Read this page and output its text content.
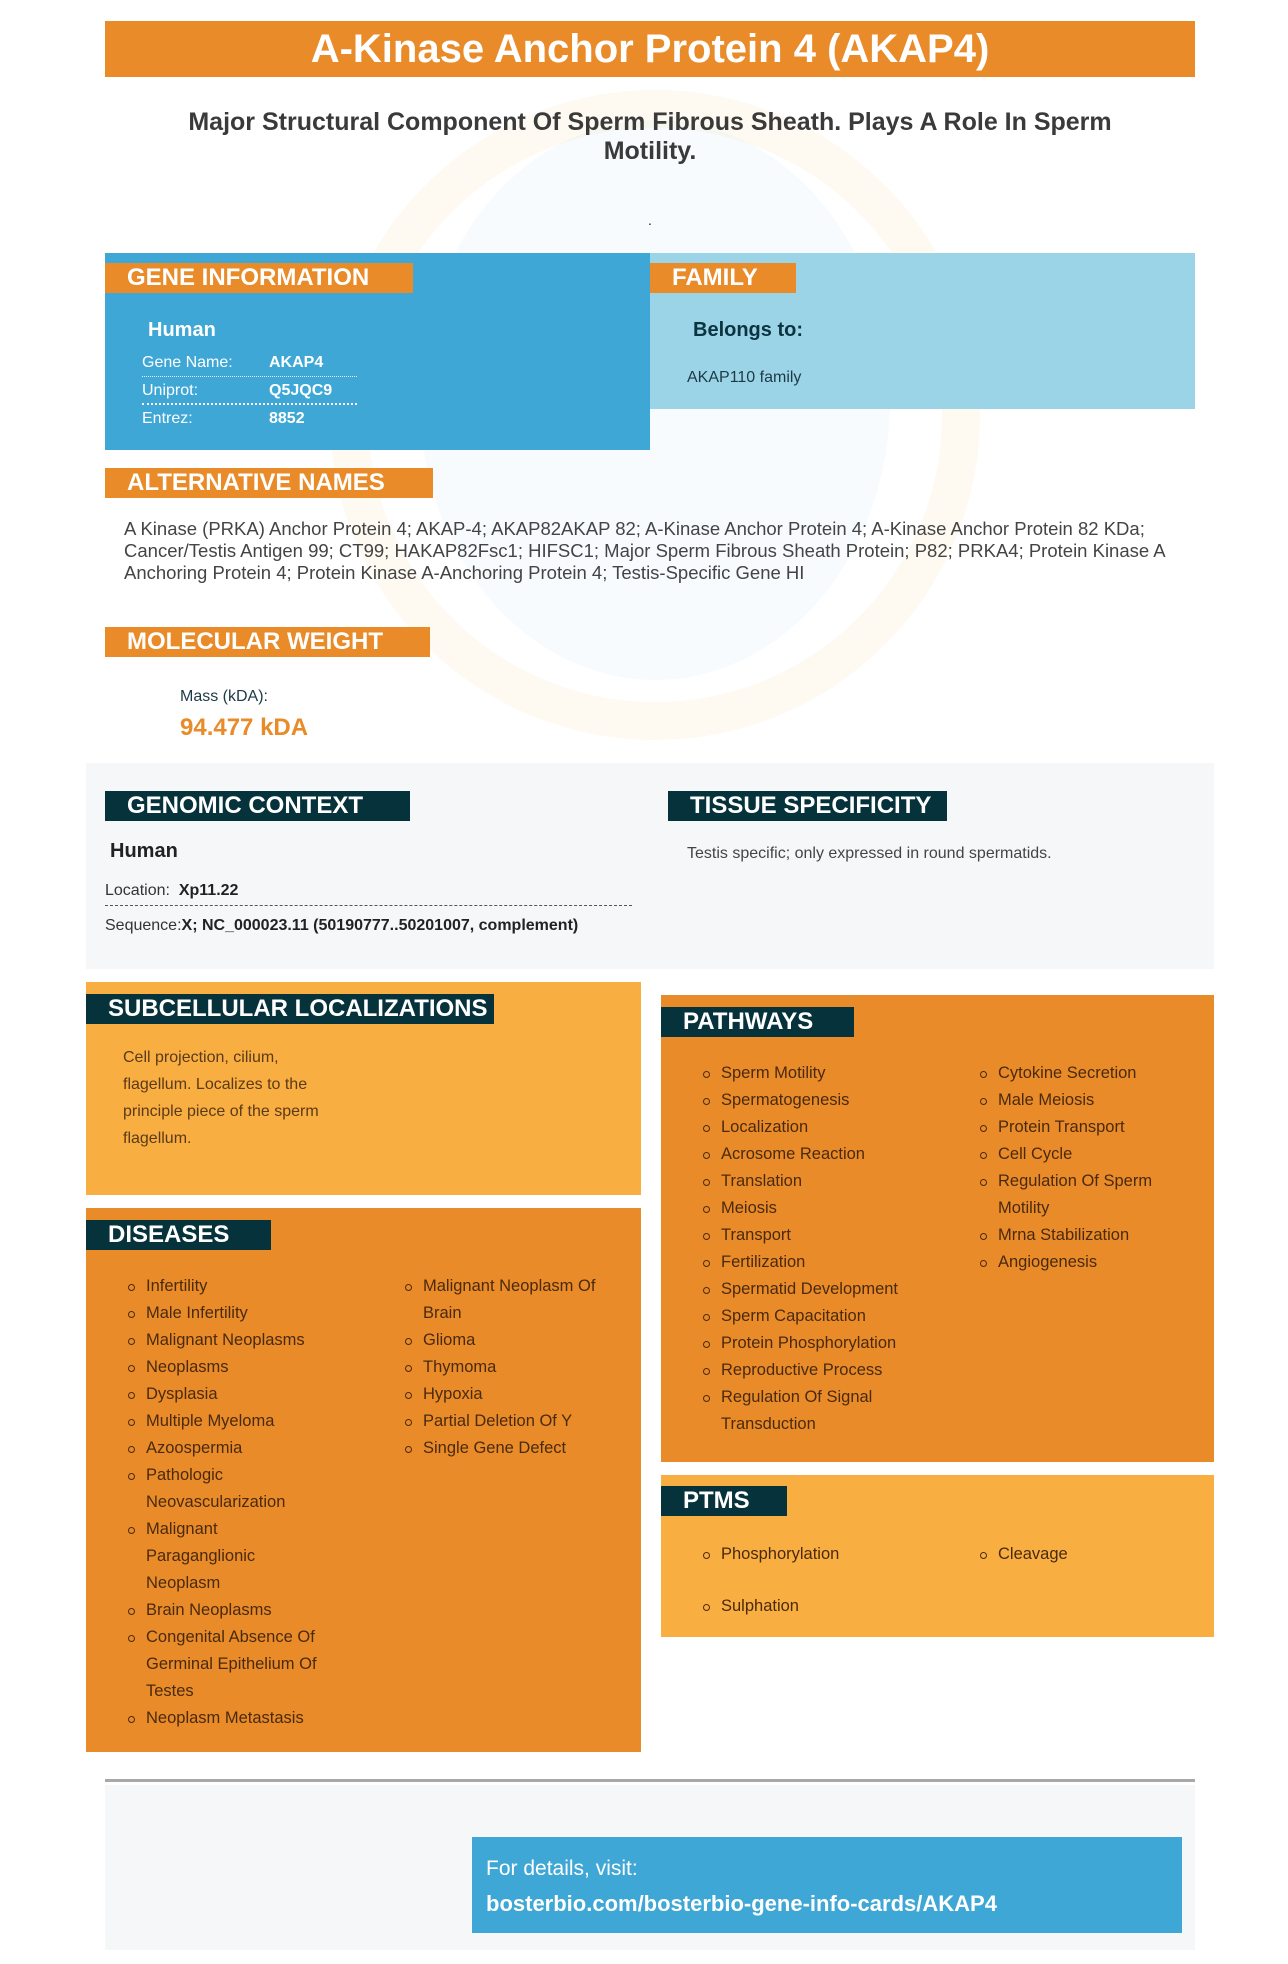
A-Kinase Anchor Protein 4 (AKAP4)
Major Structural Component Of Sperm Fibrous Sheath. Plays A Role In Sperm Motility.
.
GENE INFORMATION
Human
Gene Name: AKAP4
Uniprot:	Q5JQC9
Entrez:	8852
FAMILY
Belongs to:
AKAP110 family
ALTERNATIVE NAMES
A Kinase (PRKA) Anchor Protein 4; AKAP-4; AKAP82AKAP 82; A-Kinase Anchor Protein 4; A-Kinase Anchor Protein 82 KDa; Cancer/Testis Antigen 99; CT99; HAKAP82Fsc1; HIFSC1; Major Sperm Fibrous Sheath Protein; P82; PRKA4; Protein Kinase A Anchoring Protein 4; Protein Kinase A-Anchoring Protein 4; Testis-Specific Gene HI
MOLECULAR WEIGHT
Mass (kDA):
94.477 kDA
GENOMIC CONTEXT
Human
Location: Xp11.22
Sequence:X; NC_000023.11 (50190777..50201007, complement)
TISSUE SPECIFICITY
Testis specific; only expressed in round spermatids.
SUBCELLULAR LOCALIZATIONS
Cell projection, cilium, flagellum. Localizes to the principle piece of the sperm flagellum.
DISEASES
Infertility
Male Infertility
Malignant Neoplasms
Neoplasms
Dysplasia
Multiple Myeloma
Azoospermia
Pathologic Neovascularization
Malignant Paraganglionic Neoplasm
Brain Neoplasms
Congenital Absence Of Germinal Epithelium Of Testes
Neoplasm Metastasis
Malignant Neoplasm Of Brain
Glioma
Thymoma
Hypoxia
Partial Deletion Of Y
Single Gene Defect
PATHWAYS
Sperm Motility
Spermatogenesis
Localization
Acrosome Reaction
Translation
Meiosis
Transport
Fertilization
Spermatid Development
Sperm Capacitation
Protein Phosphorylation
Reproductive Process
Regulation Of Signal Transduction
Cytokine Secretion
Male Meiosis
Protein Transport
Cell Cycle
Regulation Of Sperm Motility
Mrna Stabilization
Angiogenesis
PTMS
Phosphorylation
Sulphation
Cleavage
For details, visit:
bosterbio.com/bosterbio-gene-info-cards/AKAP4
